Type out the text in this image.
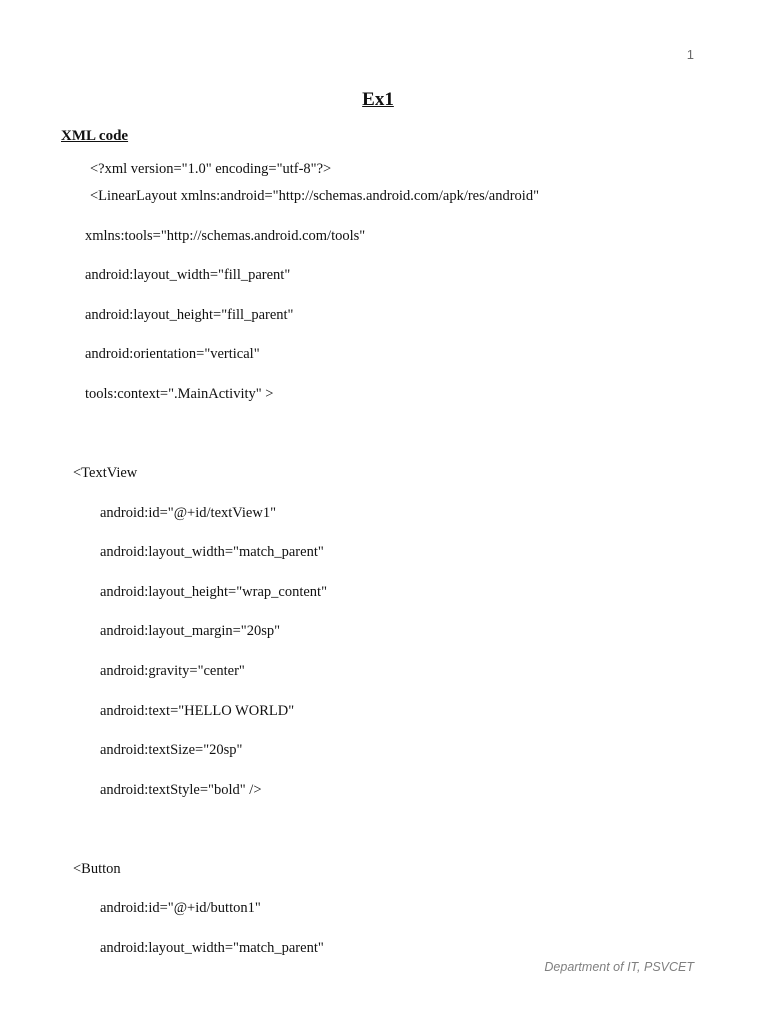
1
Ex1
XML code
<?xml version="1.0" encoding="utf-8"?>
<LinearLayout xmlns:android="http://schemas.android.com/apk/res/android"
xmlns:tools="http://schemas.android.com/tools"
android:layout_width="fill_parent"
android:layout_height="fill_parent"
android:orientation="vertical"
tools:context=".MainActivity" >
<TextView
android:id="@+id/textView1"
android:layout_width="match_parent"
android:layout_height="wrap_content"
android:layout_margin="20sp"
android:gravity="center"
android:text="HELLO WORLD"
android:textSize="20sp"
android:textStyle="bold" />
<Button
android:id="@+id/button1"
android:layout_width="match_parent"
Department of IT, PSVCET
